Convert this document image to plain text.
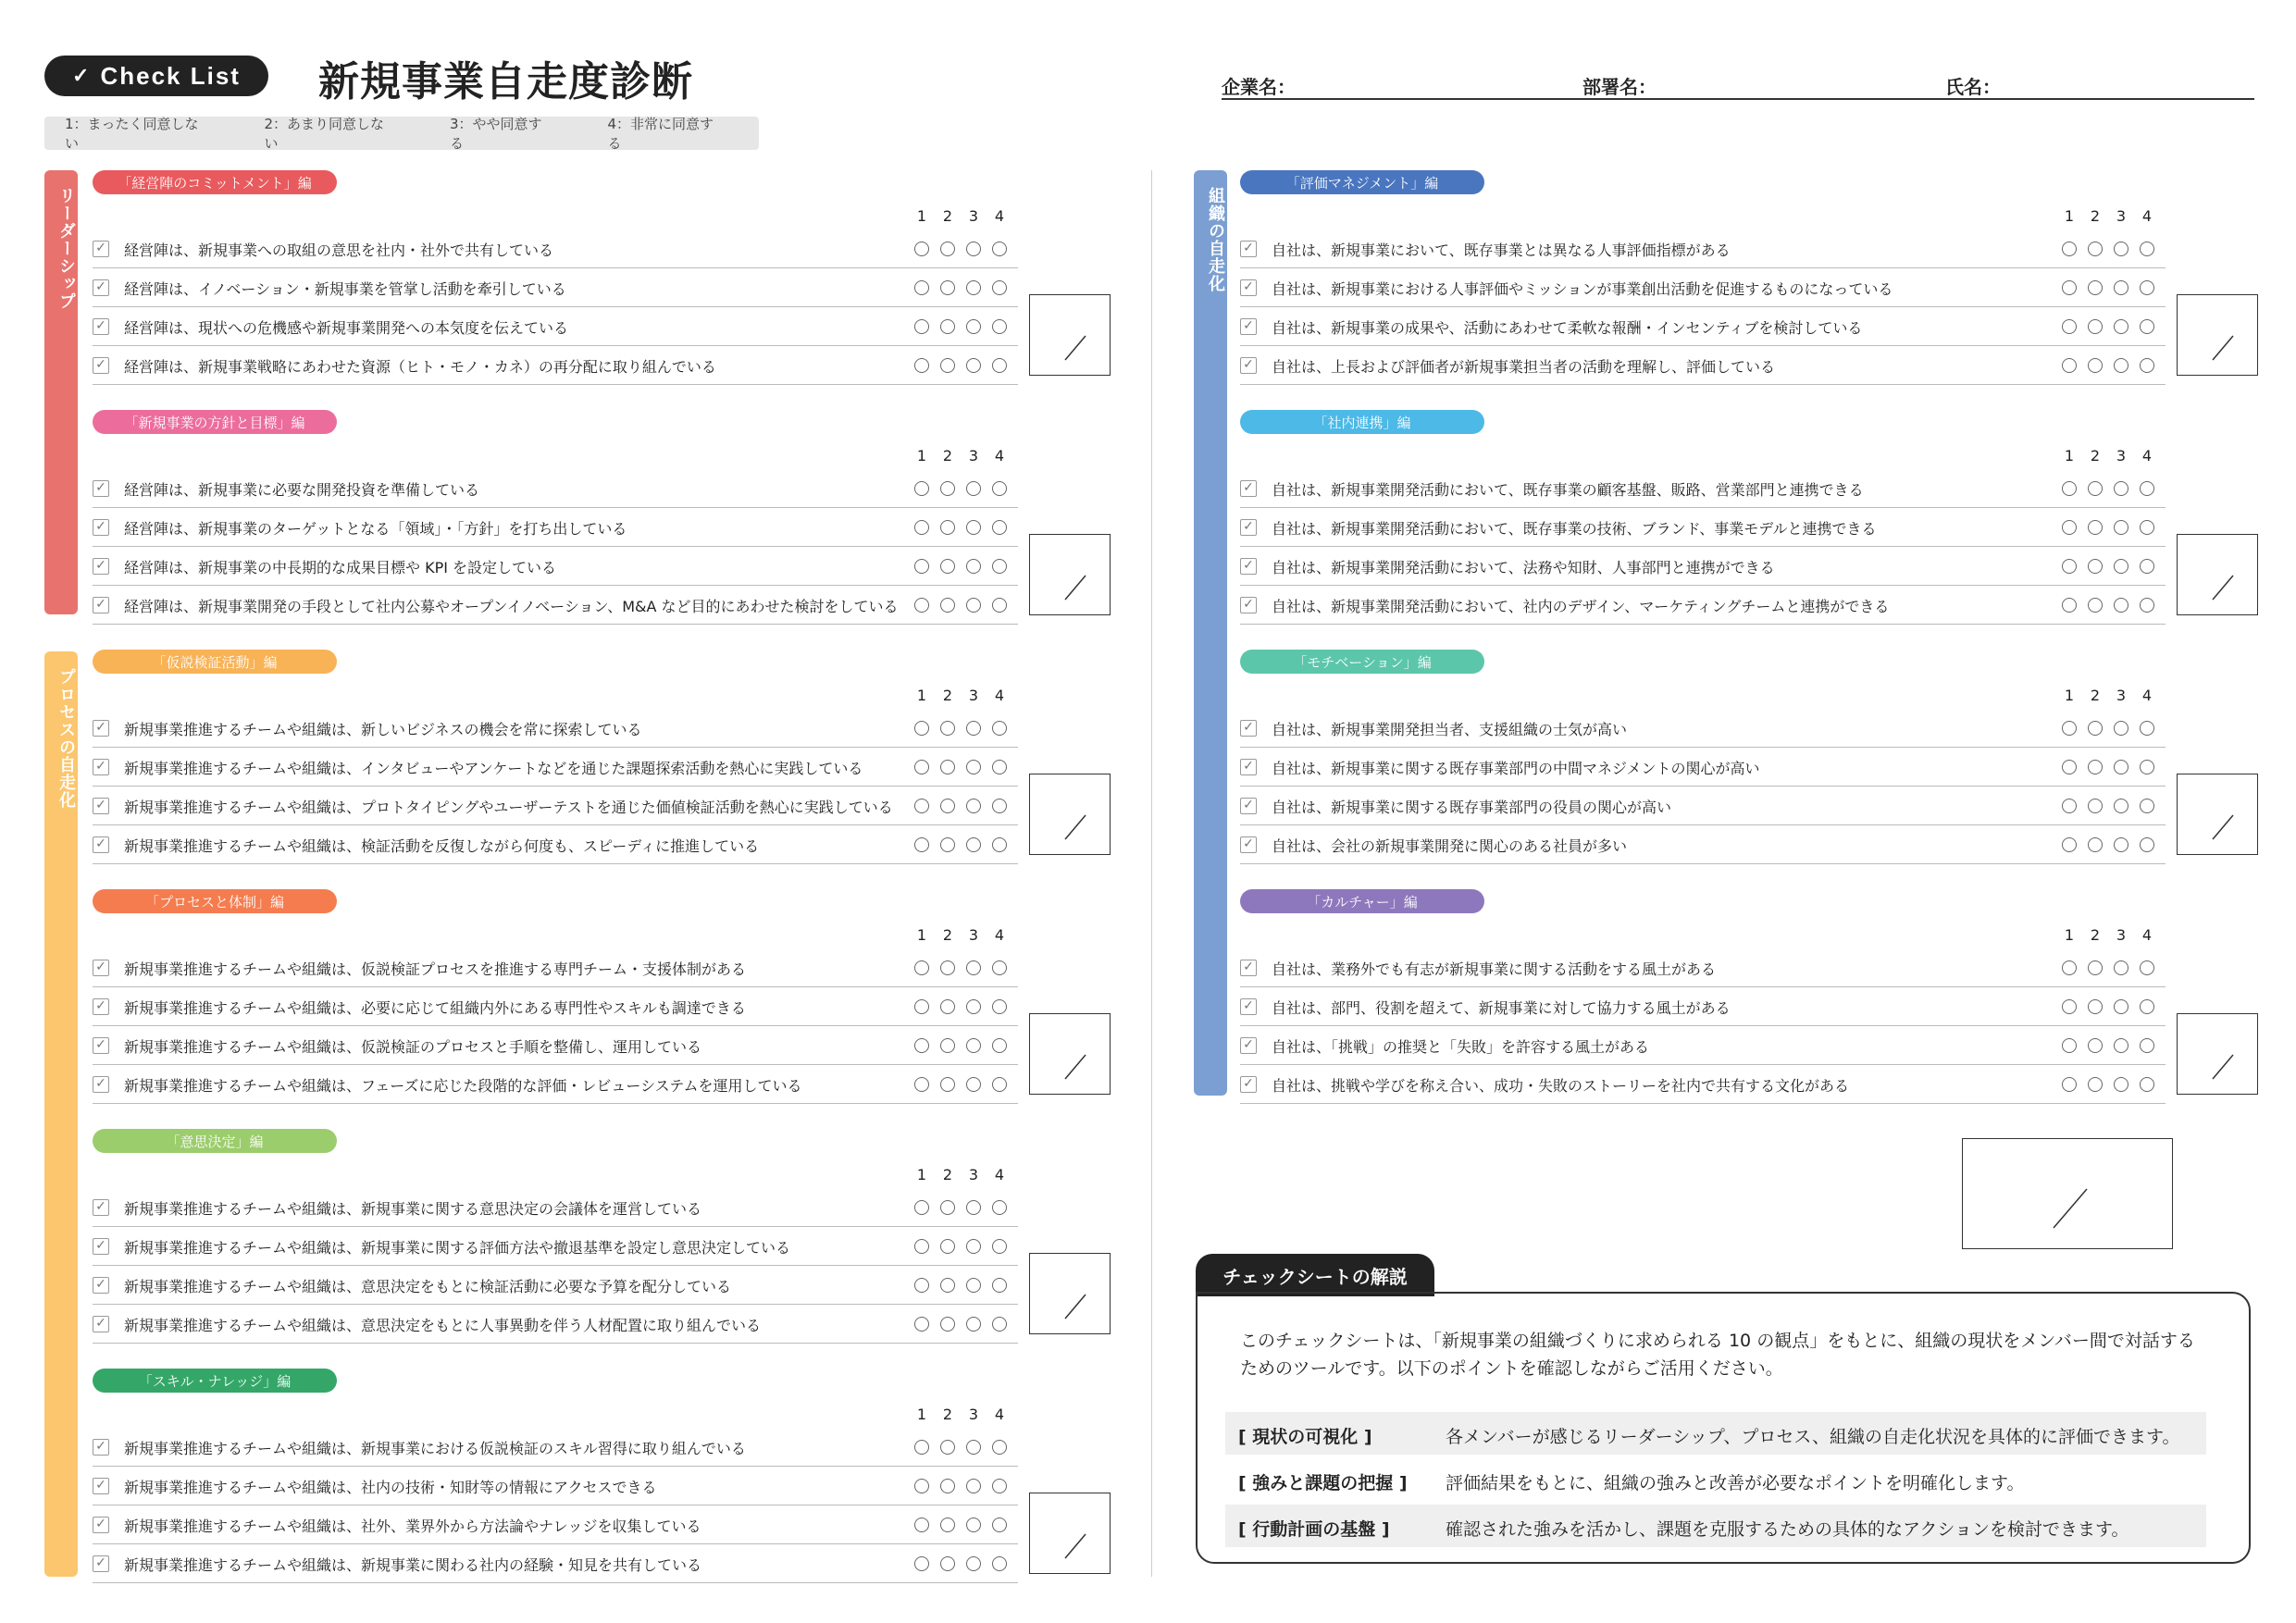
✓ Check List 新規事業自走度診断
1：まったく同意しない
2：あまり同意しない
3：やや同意する
4：非常に同意する
企業名：	部署名：	氏名：
リーダーシップ
プロセスの自走化
組織の自走化
「経営陣のコミットメント」編
1 2 3 4
✓ 経営陣は、新規事業への取組の意思を社内・社外で共有している
✓ 経営陣は、イノベーション・新規事業を管掌し活動を牽引している
✓ 経営陣は、現状への危機感や新規事業開発への本気度を伝えている
✓ 経営陣は、新規事業戦略にあわせた資源（ヒト・モノ・カネ）の再分配に取り組んでいる
「新規事業の方針と目標」編
1 2 3 4
✓ 経営陣は、新規事業に必要な開発投資を準備している
✓ 経営陣は、新規事業のターゲットとなる「領域」・「方針」を打ち出している
✓ 経営陣は、新規事業の中長期的な成果目標や KPI を設定している
✓ 経営陣は、新規事業開発の手段として社内公募やオープンイノベーション、M&A など目的にあわせた検討をしている
「仮説検証活動」編
1 2 3 4
✓ 新規事業推進するチームや組織は、新しいビジネスの機会を常に探索している
✓ 新規事業推進するチームや組織は、インタビューやアンケートなどを通じた課題探索活動を熱心に実践している
✓ 新規事業推進するチームや組織は、プロトタイピングやユーザーテストを通じた価値検証活動を熱心に実践している
✓ 新規事業推進するチームや組織は、検証活動を反復しながら何度も、スピーディに推進している
「プロセスと体制」編
1 2 3 4
✓ 新規事業推進するチームや組織は、仮説検証プロセスを推進する専門チーム・支援体制がある
✓ 新規事業推進するチームや組織は、必要に応じて組織内外にある専門性やスキルも調達できる
✓ 新規事業推進するチームや組織は、仮説検証のプロセスと手順を整備し、運用している
✓ 新規事業推進するチームや組織は、フェーズに応じた段階的な評価・レビューシステムを運用している
「意思決定」編
1 2 3 4
✓ 新規事業推進するチームや組織は、新規事業に関する意思決定の会議体を運営している
✓ 新規事業推進するチームや組織は、新規事業に関する評価方法や撤退基準を設定し意思決定している
✓ 新規事業推進するチームや組織は、意思決定をもとに検証活動に必要な予算を配分している
✓ 新規事業推進するチームや組織は、意思決定をもとに人事異動を伴う人材配置に取り組んでいる
「スキル・ナレッジ」編
1 2 3 4
✓ 新規事業推進するチームや組織は、新規事業における仮説検証のスキル習得に取り組んでいる
✓ 新規事業推進するチームや組織は、社内の技術・知財等の情報にアクセスできる
✓ 新規事業推進するチームや組織は、社外、業界外から方法論やナレッジを収集している
✓ 新規事業推進するチームや組織は、新規事業に関わる社内の経験・知見を共有している
「評価マネジメント」編
1 2 3 4
✓ 自社は、新規事業において、既存事業とは異なる人事評価指標がある
✓ 自社は、新規事業における人事評価やミッションが事業創出活動を促進するものになっている
✓ 自社は、新規事業の成果や、活動にあわせて柔軟な報酬・インセンティブを検討している
✓ 自社は、上長および評価者が新規事業担当者の活動を理解し、評価している
「社内連携」編
1 2 3 4
✓ 自社は、新規事業開発活動において、既存事業の顧客基盤、販路、営業部門と連携できる
✓ 自社は、新規事業開発活動において、既存事業の技術、ブランド、事業モデルと連携できる
✓ 自社は、新規事業開発活動において、法務や知財、人事部門と連携ができる
✓ 自社は、新規事業開発活動において、社内のデザイン、マーケティングチームと連携ができる
「モチベーション」編
1 2 3 4
✓ 自社は、新規事業開発担当者、支援組織の士気が高い
✓ 自社は、新規事業に関する既存事業部門の中間マネジメントの関心が高い
✓ 自社は、新規事業に関する既存事業部門の役員の関心が高い
✓ 自社は、会社の新規事業開発に関心のある社員が多い
「カルチャー」編
1 2 3 4
✓ 自社は、業務外でも有志が新規事業に関する活動をする風土がある
✓ 自社は、部門、役割を超えて、新規事業に対して協力する風土がある
✓ 自社は、「挑戦」の推奨と「失敗」を許容する風土がある
✓ 自社は、挑戦や学びを称え合い、成功・失敗のストーリーを社内で共有する文化がある
チェックシートの解説
このチェックシートは、「新規事業の組織づくりに求められる 10 の観点」をもとに、組織の現状をメンバー間で対話するためのツールです。以下のポイントを確認しながらご活用ください。
[ 現状の可視化 ]	各メンバーが感じるリーダーシップ、プロセス、組織の自走化状況を具体的に評価できます。
[ 強みと課題の把握 ] 評価結果をもとに、組織の強みと改善が必要なポイントを明確化します。
[ 行動計画の基盤 ]	確認された強みを活かし、課題を克服するための具体的なアクションを検討できます。
